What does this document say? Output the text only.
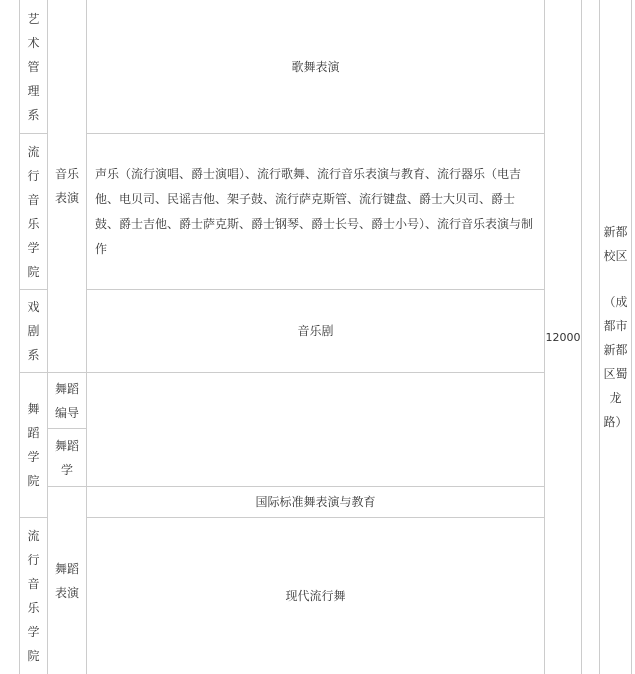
艺术管理系
流行音乐学院
戏剧系
舞蹈学院
流行音乐学院
音乐表演
舞蹈编导
舞蹈学
舞蹈表演
歌舞表演
声乐（流行演唱、爵士演唱）、流行歌舞、流行音乐表演与教育、流行器乐（电吉他、电贝司、民谣吉他、架子鼓、流行萨克斯管、流行键盘、爵士大贝司、爵士鼓、爵士吉他、爵士萨克斯、爵士钢琴、爵士长号、爵士小号）、流行音乐表演与制作
音乐剧
国际标准舞表演与教育
现代流行舞
12000
新都校区
（成都市新都区蜀龙路）
